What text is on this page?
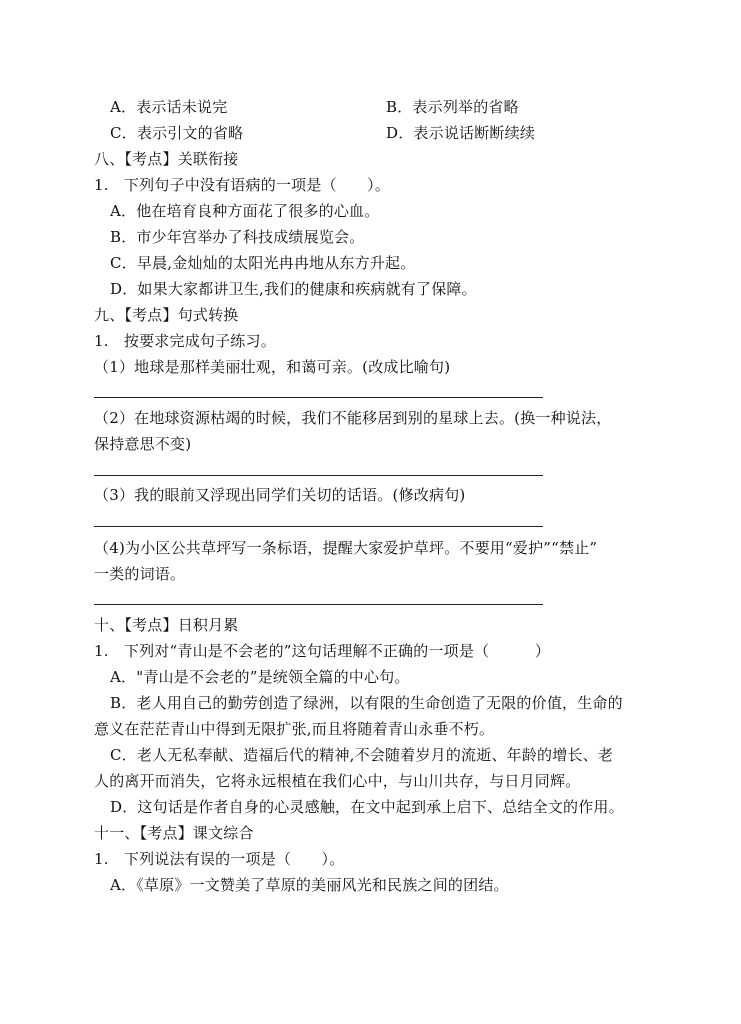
A．表示话未说完	B．表示列举的省略
C．表示引文的省略	D．表示说话断断续续
八、【考点】关联衔接
1.　下列句子中没有语病的一项是（　　）。
A．他在培育良种方面花了很多的心血。
B．市少年宫举办了科技成绩展览会。
C．早晨,金灿灿的太阳光冉冉地从东方升起。
D．如果大家都讲卫生,我们的健康和疾病就有了保障。
九、【考点】句式转换
1.　按要求完成句子练习。
（1）地球是那样美丽壮观，和蔼可亲。(改成比喻句)
（2）在地球资源枯竭的时候，我们不能移居到别的星球上去。(换一种说法，
保持意思不变)
（3）我的眼前又浮现出同学们关切的话语。(修改病句)
（4)为小区公共草坪写一条标语，提醒大家爱护草坪。不要用“爱护”“禁止”
一类的词语。
十、【考点】日积月累
1.　下列对“青山是不会老的”这句话理解不正确的一项是（　　　）
A．"青山是不会老的”是统领全篇的中心句。
B．老人用自己的勤劳创造了绿洲，以有限的生命创造了无限的价值，生命的
意义在茫茫青山中得到无限扩张,而且将随着青山永垂不朽。
C．老人无私奉献、造福后代的精神,不会随着岁月的流逝、年龄的增长、老
人的离开而消失，它将永远根植在我们心中，与山川共存，与日月同辉。
D．这句话是作者自身的心灵感触，在文中起到承上启下、总结全文的作用。
十一、【考点】课文综合
1.　下列说法有误的一项是（　　）。
A．《草原》一文赞美了草原的美丽风光和民族之间的团结。
